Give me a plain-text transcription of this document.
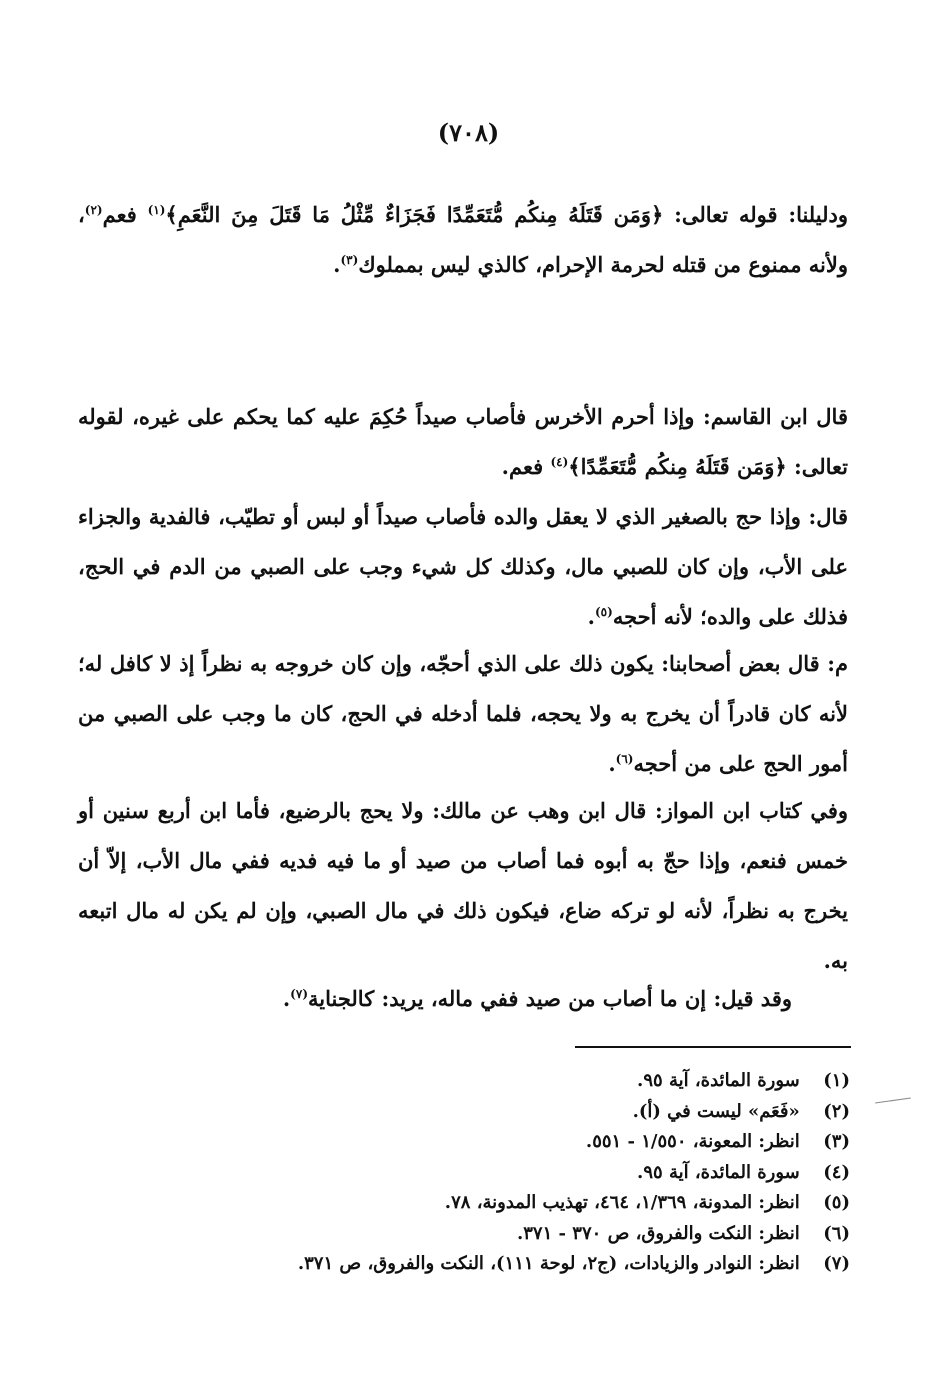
(٧٠٨)
ودليلنا: قوله تعالى: ﴿وَمَن قَتَلَهُ مِنكُم مُّتَعَمِّدًا فَجَزَاءٌ مِّثْلُ مَا قَتَلَ مِنَ النَّعَمِ﴾$^{(١)}$ فعم$^{(٢)}$، ولأنه ممنوع من قتله لحرمة الإحرام، كالذي ليس بمملوك$^{(٣)}$.
قال ابن القاسم: وإذا أحرم الأخرس فأصاب صيداً حُكِمَ عليه كما يحكم على غيره، لقوله تعالى: ﴿وَمَن قَتَلَهُ مِنكُم مُّتَعَمِّدًا﴾$^{(٤)}$ فعم.
قال: وإذا حج بالصغير الذي لا يعقل والده فأصاب صيداً أو لبس أو تطيّب، فالفدية والجزاء على الأب، وإن كان للصبي مال، وكذلك كل شيء وجب على الصبي من الدم في الحج، فذلك على والده؛ لأنه أحجه$^{(٥)}$.
م: قال بعض أصحابنا: يكون ذلك على الذي أحجّه، وإن كان خروجه به نظراً إذ لا كافل له؛ لأنه كان قادراً أن يخرج به ولا يحجه، فلما أدخله في الحج، كان ما وجب على الصبي من أمور الحج على من أحجه$^{(٦)}$.
وفي كتاب ابن المواز: قال ابن وهب عن مالك: ولا يحج بالرضيع، فأما ابن أربع سنين أو خمس فنعم، وإذا حجّ به أبوه فما أصاب من صيد أو ما فيه فديه ففي مال الأب، إلاّ أن يخرج به نظراً، لأنه لو تركه ضاع، فيكون ذلك في مال الصبي، وإن لم يكن له مال اتبعه به.
وقد قيل: إن ما أصاب من صيد ففي ماله، يريد: كالجناية$^{(٧)}$.
(١) سورة المائدة، آية ٩٥.
(٢) «فَعَم» ليست في (أ).
(٣) انظر: المعونة، ١/٥٥٠ - ٥٥١.
(٤) سورة المائدة، آية ٩٥.
(٥) انظر: المدونة، ١/٣٦٩، ٤٦٤، تهذيب المدونة، ٧٨.
(٦) انظر: النكت والفروق، ص ٣٧٠ - ٣٧١.
(٧) انظر: النوادر والزيادات، (ج٢، لوحة ١١١)، النكت والفروق، ص ٣٧١.
